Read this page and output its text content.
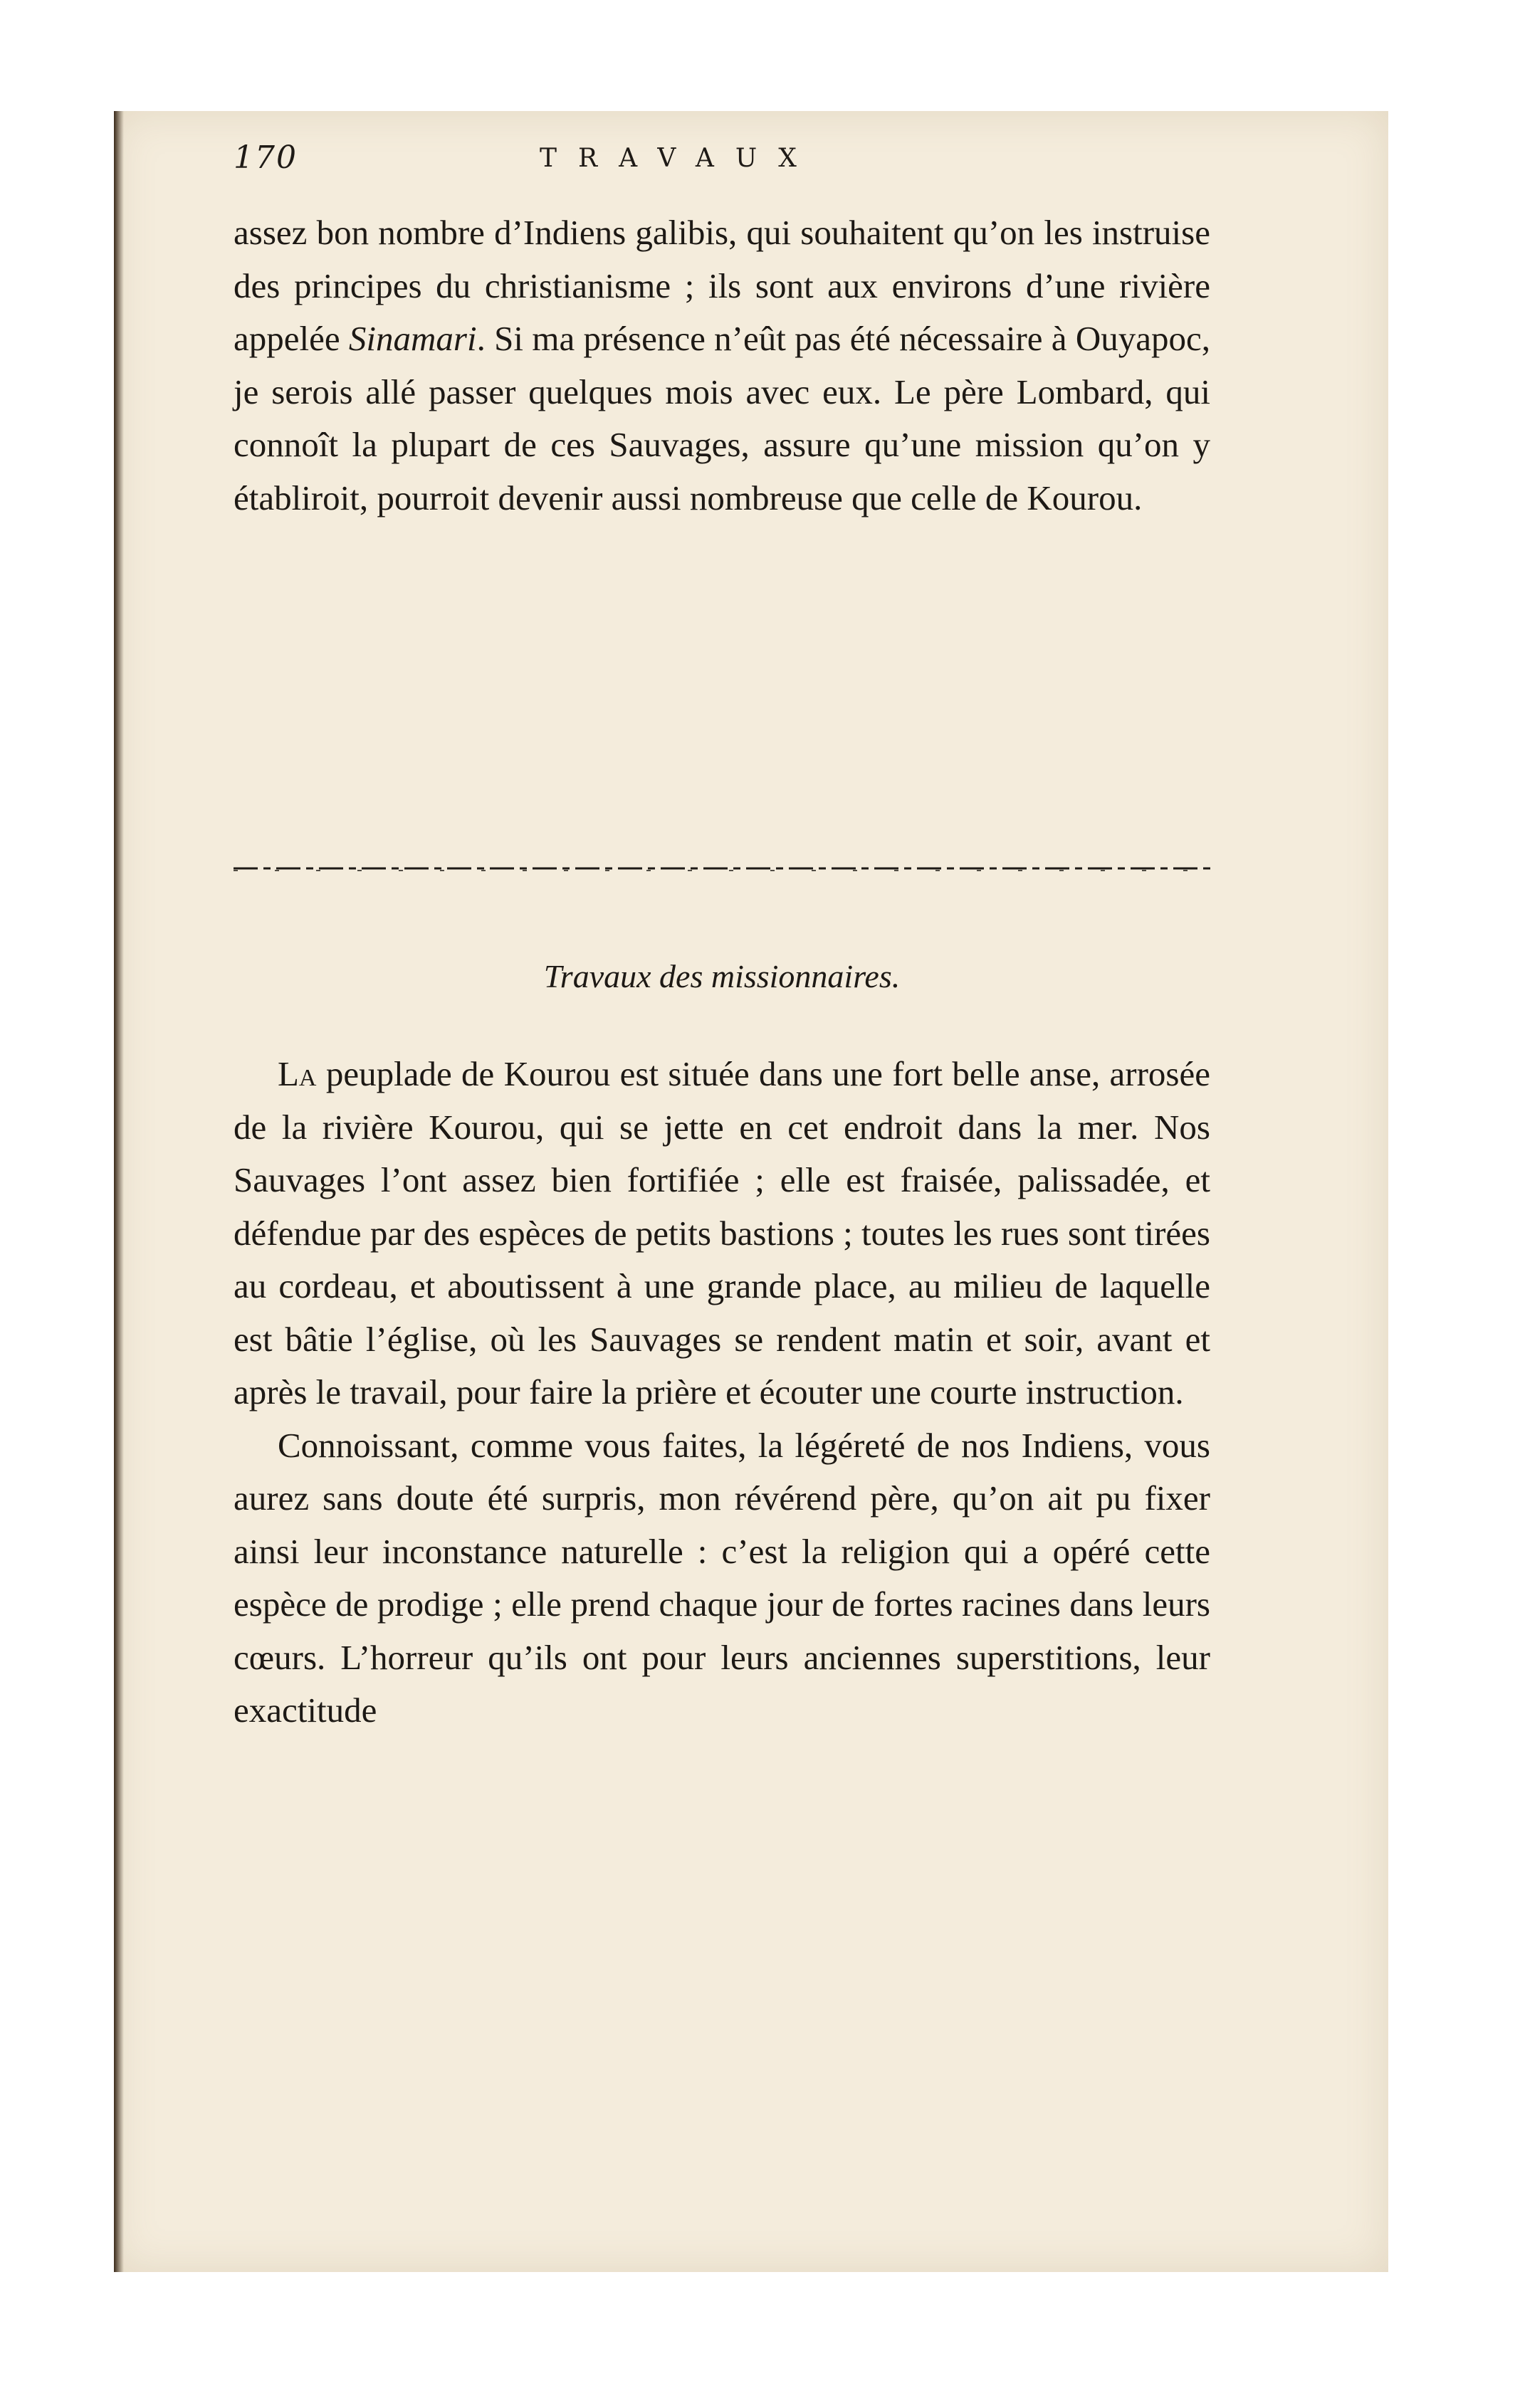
170	TRAVAUX

assez bon nombre d’Indiens galibis, qui souhaitent qu’on les instruise des principes du christianisme ; ils sont aux environs d’une rivière appelée Sinamari. Si ma présence n’eût pas été nécessaire à Ouyapoc, je serois allé passer quelques mois avec eux. Le père Lombard, qui connoît la plupart de ces Sauvages, assure qu’une mission qu’on y établiroit, pourroit devenir aussi nombreuse que celle de Kourou.

Travaux des missionnaires.

La peuplade de Kourou est située dans une fort belle anse, arrosée de la rivière Kourou, qui se jette en cet endroit dans la mer. Nos Sauvages l’ont assez bien fortifiée ; elle est fraisée, palissadée, et défendue par des espèces de petits bastions ; toutes les rues sont tirées au cordeau, et aboutissent à une grande place, au milieu de laquelle est bâtie l’église, où les Sauvages se rendent matin et soir, avant et après le travail, pour faire la prière et écouter une courte instruction.

Connoissant, comme vous faites, la légéreté de nos Indiens, vous aurez sans doute été surpris, mon révérend père, qu’on ait pu fixer ainsi leur inconstance naturelle : c’est la religion qui a opéré cette espèce de prodige ; elle prend chaque jour de fortes racines dans leurs cœurs. L’horreur qu’ils ont pour leurs anciennes superstitions, leur exactitude
